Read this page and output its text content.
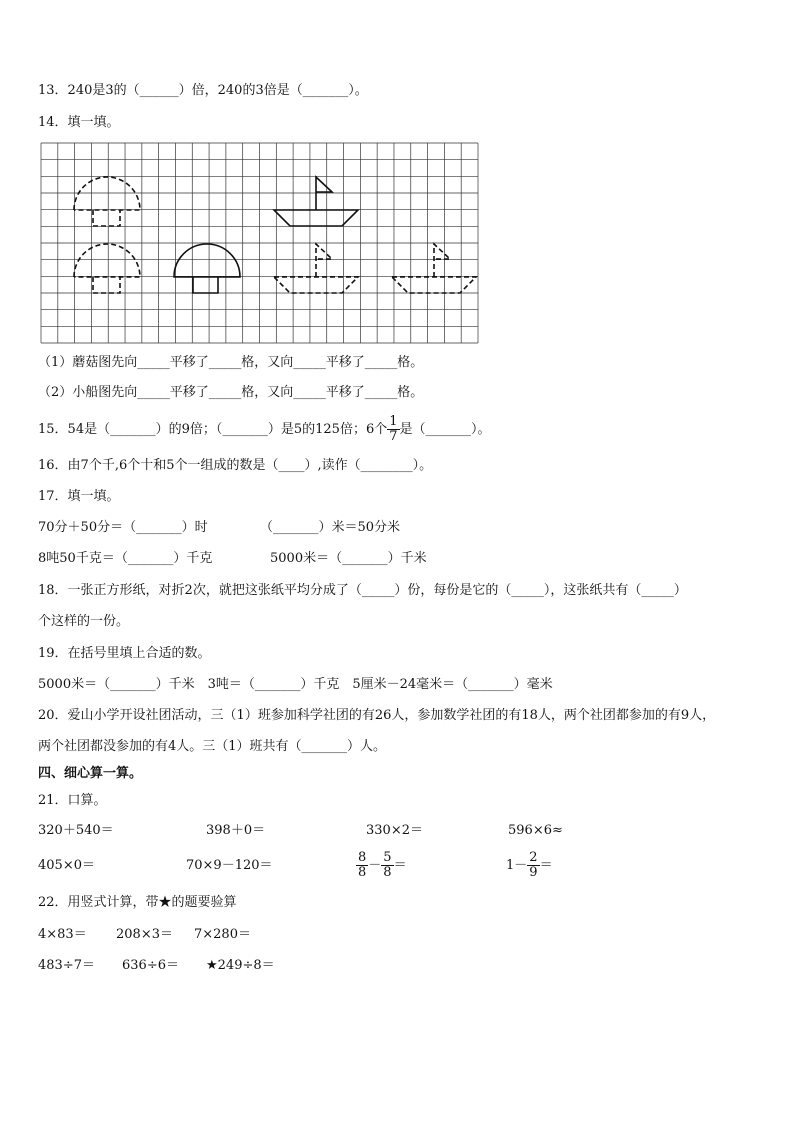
13．240是3的（______）倍，240的3倍是（_______）。
14．填一填。
（1）蘑菇图先向_____平移了_____格，又向_____平移了_____格。
（2）小船图先向_____平移了_____格，又向_____平移了_____格。
15．54是（_______）的9倍；（_______）是5的125倍；6个 $\frac{1}{7}$ 是（_______）。
16．由7个千,6个十和5个一组成的数是（____）,读作（________）。
17．填一填。
70分＋50分＝（_______）时	（_______）米＝50分米
8吨50千克＝（_______）千克	5000米＝（_______）千米
18．一张正方形纸，对折2次，就把这张纸平均分成了（_____）份，每份是它的（_____），这张纸共有（_____）
个这样的一份。
19．在括号里填上合适的数。
5000米＝（_______）千米　3吨＝（_______）千克　5厘米－24毫米＝（_______）毫米
20．爱山小学开设社团活动，三（1）班参加科学社团的有26人，参加数学社团的有18人，两个社团都参加的有9人，
两个社团都没参加的有4人。三（1）班共有（_______）人。
四、细心算一算。
21．口算。
320＋540＝	398＋0＝	330×2＝	596×6≈
405×0＝	70×9－120＝	$\frac{8}{8} - \frac{5}{8}$ ＝	$1- \frac{2}{9}$ ＝
22．用竖式计算，带★的题要验算
4×83＝ 208×3＝ 7×280＝
483÷7＝ 636÷6＝ ★249÷8＝
